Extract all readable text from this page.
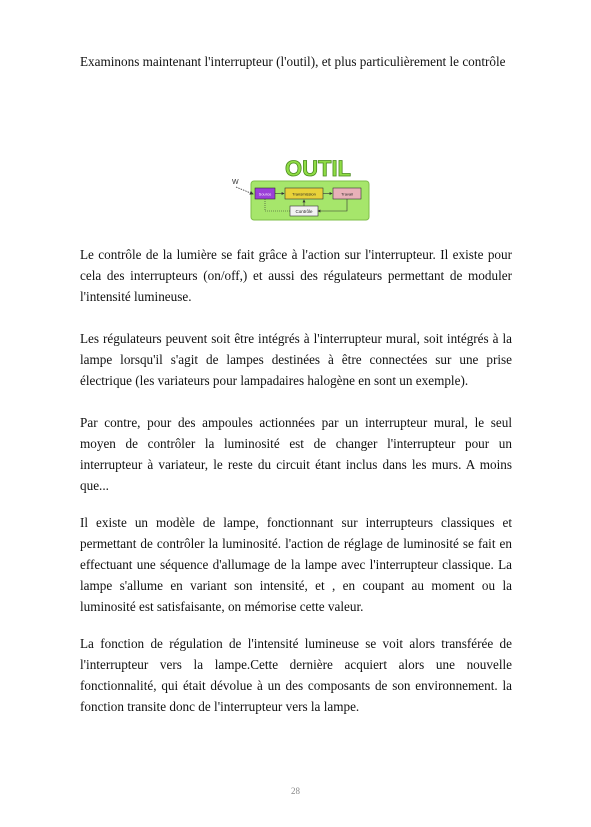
Examinons maintenant l'interrupteur (l'outil), et plus particulièrement le contrôle

OUTIL
W
Source	Transmission	Travail
Contrôle

Le contrôle de la lumière se fait grâce à l'action sur l'interrupteur. Il existe pour cela des interrupteurs (on/off,) et aussi des régulateurs permettant de moduler l'intensité lumineuse.

Les régulateurs peuvent soit être intégrés à l'interrupteur mural, soit intégrés à la lampe lorsqu'il s'agit de lampes destinées à être connectées sur une prise électrique (les variateurs pour lampadaires halogène en sont un exemple).

Par contre, pour des ampoules actionnées par un interrupteur mural, le seul moyen de contrôler la luminosité est de changer l'interrupteur pour un interrupteur à variateur, le reste du circuit étant inclus dans les murs. A moins que...

Il existe un modèle de lampe, fonctionnant sur interrupteurs classiques et permettant de contrôler la luminosité. l'action de réglage de luminosité se fait en effectuant une séquence d'allumage de la lampe avec l'interrupteur classique. La lampe s'allume en variant son intensité, et , en coupant au moment ou la luminosité est satisfaisante, on mémorise cette valeur.

La fonction de régulation de l'intensité lumineuse se voit alors transférée de l'interrupteur vers la lampe.Cette dernière acquiert alors une nouvelle fonctionnalité, qui était dévolue à un des composants de son environnement. la fonction transite donc de l'interrupteur vers la lampe.

28
